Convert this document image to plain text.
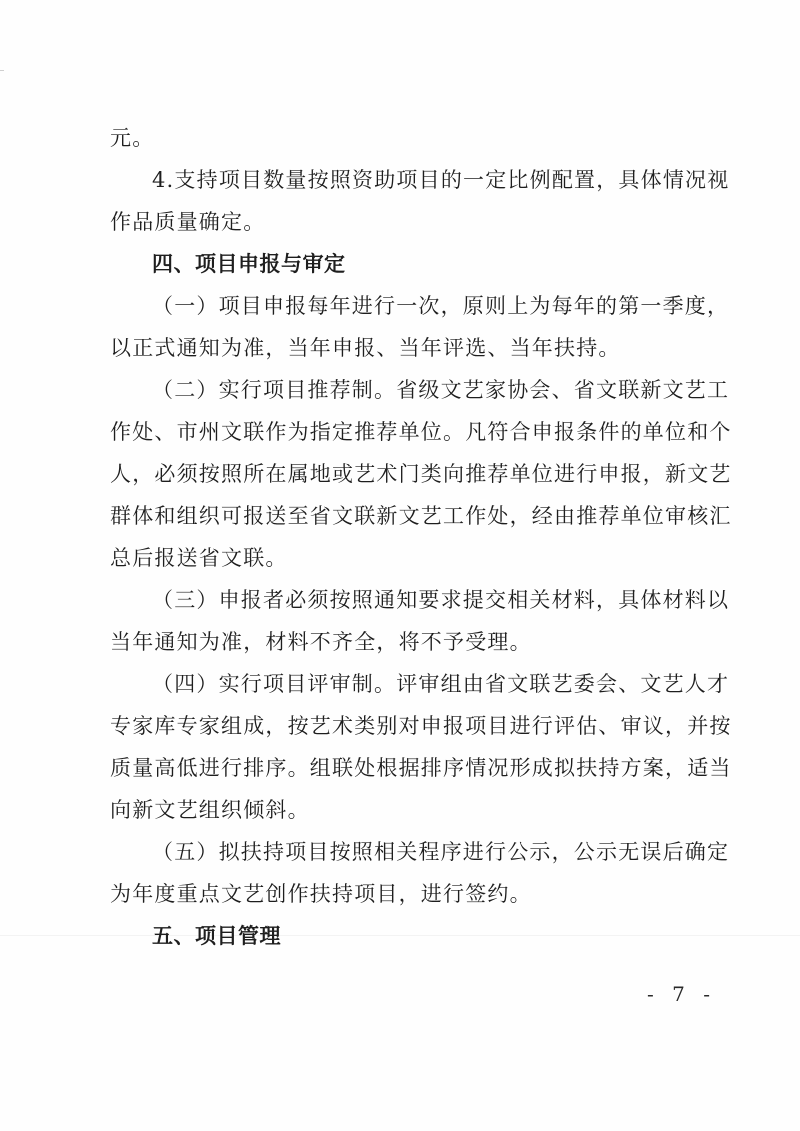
元。

4.支持项目数量按照资助项目的一定比例配置，具体情况视

作品质量确定。

四、项目申报与审定

（一）项目申报每年进行一次，原则上为每年的第一季度，

以正式通知为准，当年申报、当年评选、当年扶持。

（二）实行项目推荐制。省级文艺家协会、省文联新文艺工

作处、市州文联作为指定推荐单位。凡符合申报条件的单位和个

人，必须按照所在属地或艺术门类向推荐单位进行申报，新文艺

群体和组织可报送至省文联新文艺工作处，经由推荐单位审核汇

总后报送省文联。

（三）申报者必须按照通知要求提交相关材料，具体材料以

当年通知为准，材料不齐全，将不予受理。

（四）实行项目评审制。评审组由省文联艺委会、文艺人才

专家库专家组成，按艺术类别对申报项目进行评估、审议，并按

质量高低进行排序。组联处根据排序情况形成拟扶持方案，适当

向新文艺组织倾斜。

（五）拟扶持项目按照相关程序进行公示，公示无误后确定

为年度重点文艺创作扶持项目，进行签约。

五、项目管理

- 7 -
